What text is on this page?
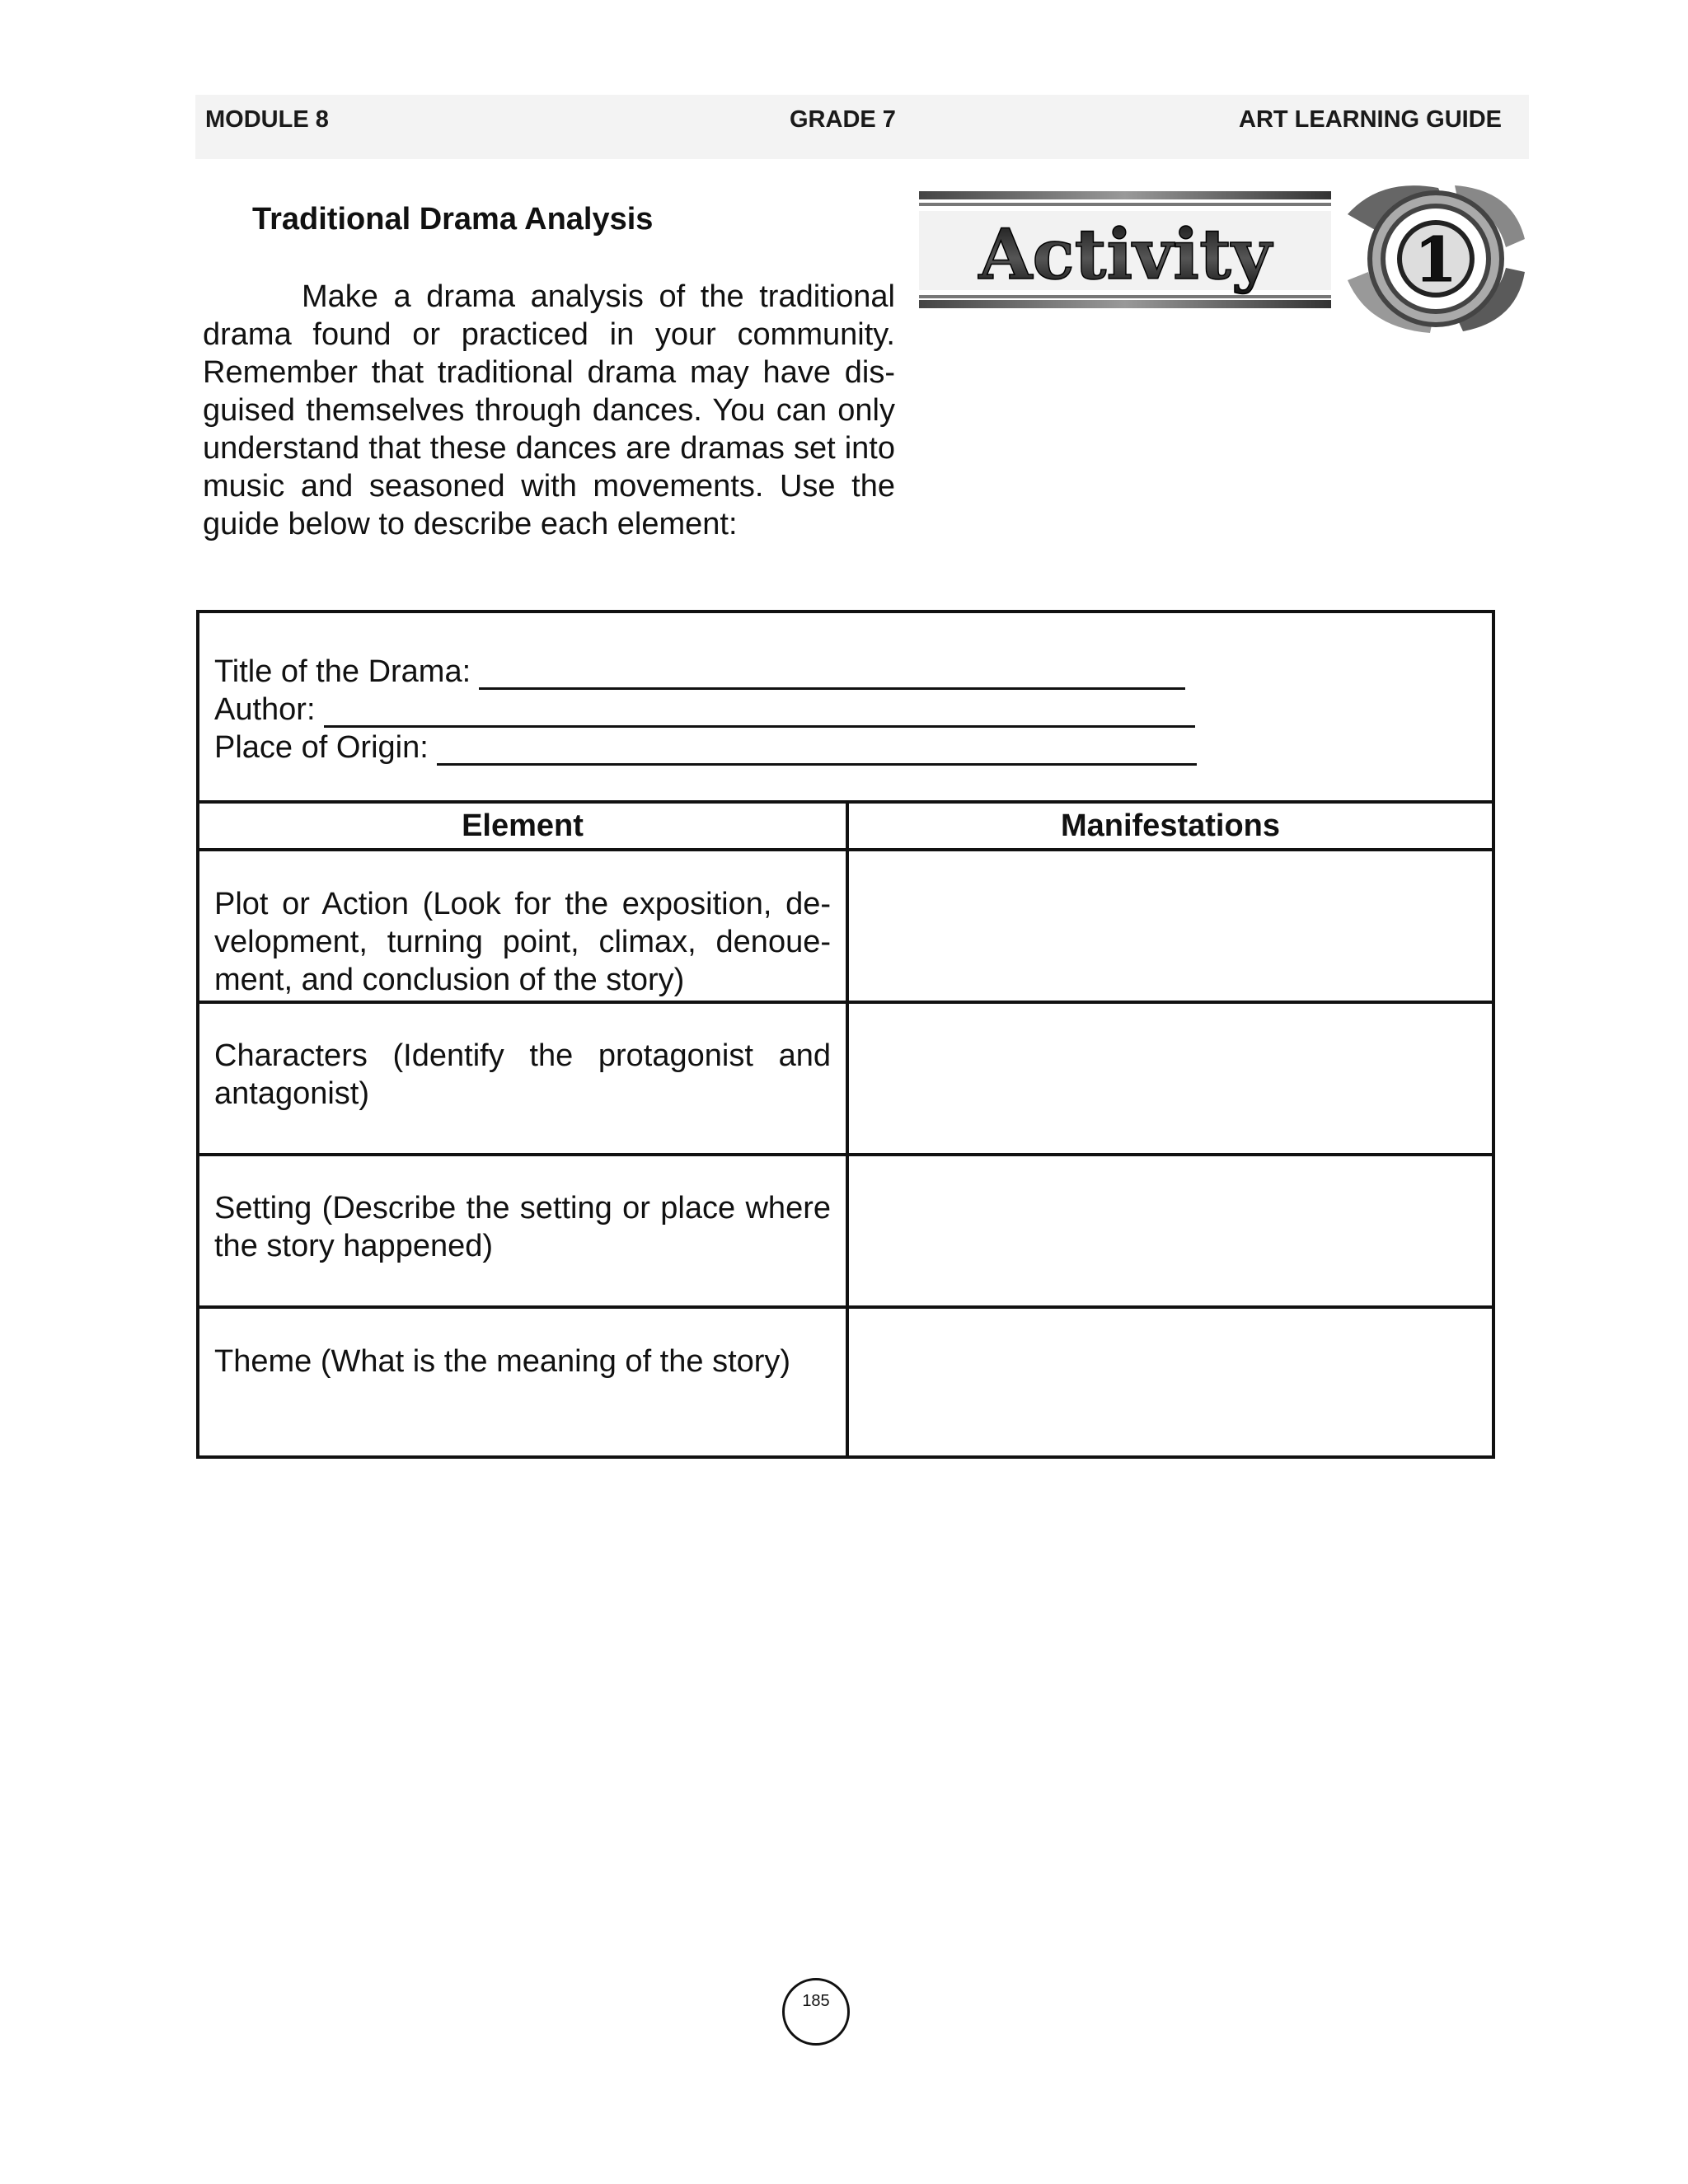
MODULE 8	GRADE 7	ART LEARNING GUIDE
Traditional Drama Analysis

Make a drama analysis of the traditional drama found or practiced in your community. Remember that traditional drama may have dis-guised themselves through dances. You can only understand that these dances are dramas set into music and seasoned with movements. Use the guide below to describe each element:

Activity 1
Title of the Drama:
Author:
Place of Origin:
Element	Manifestations
Plot or Action (Look for the exposition, de-velopment, turning point, climax, denoue-ment, and conclusion of the story)
Characters (Identify the protagonist and antagonist)
Setting (Describe the setting or place where the story happened)
Theme (What is the meaning of the story)
185
